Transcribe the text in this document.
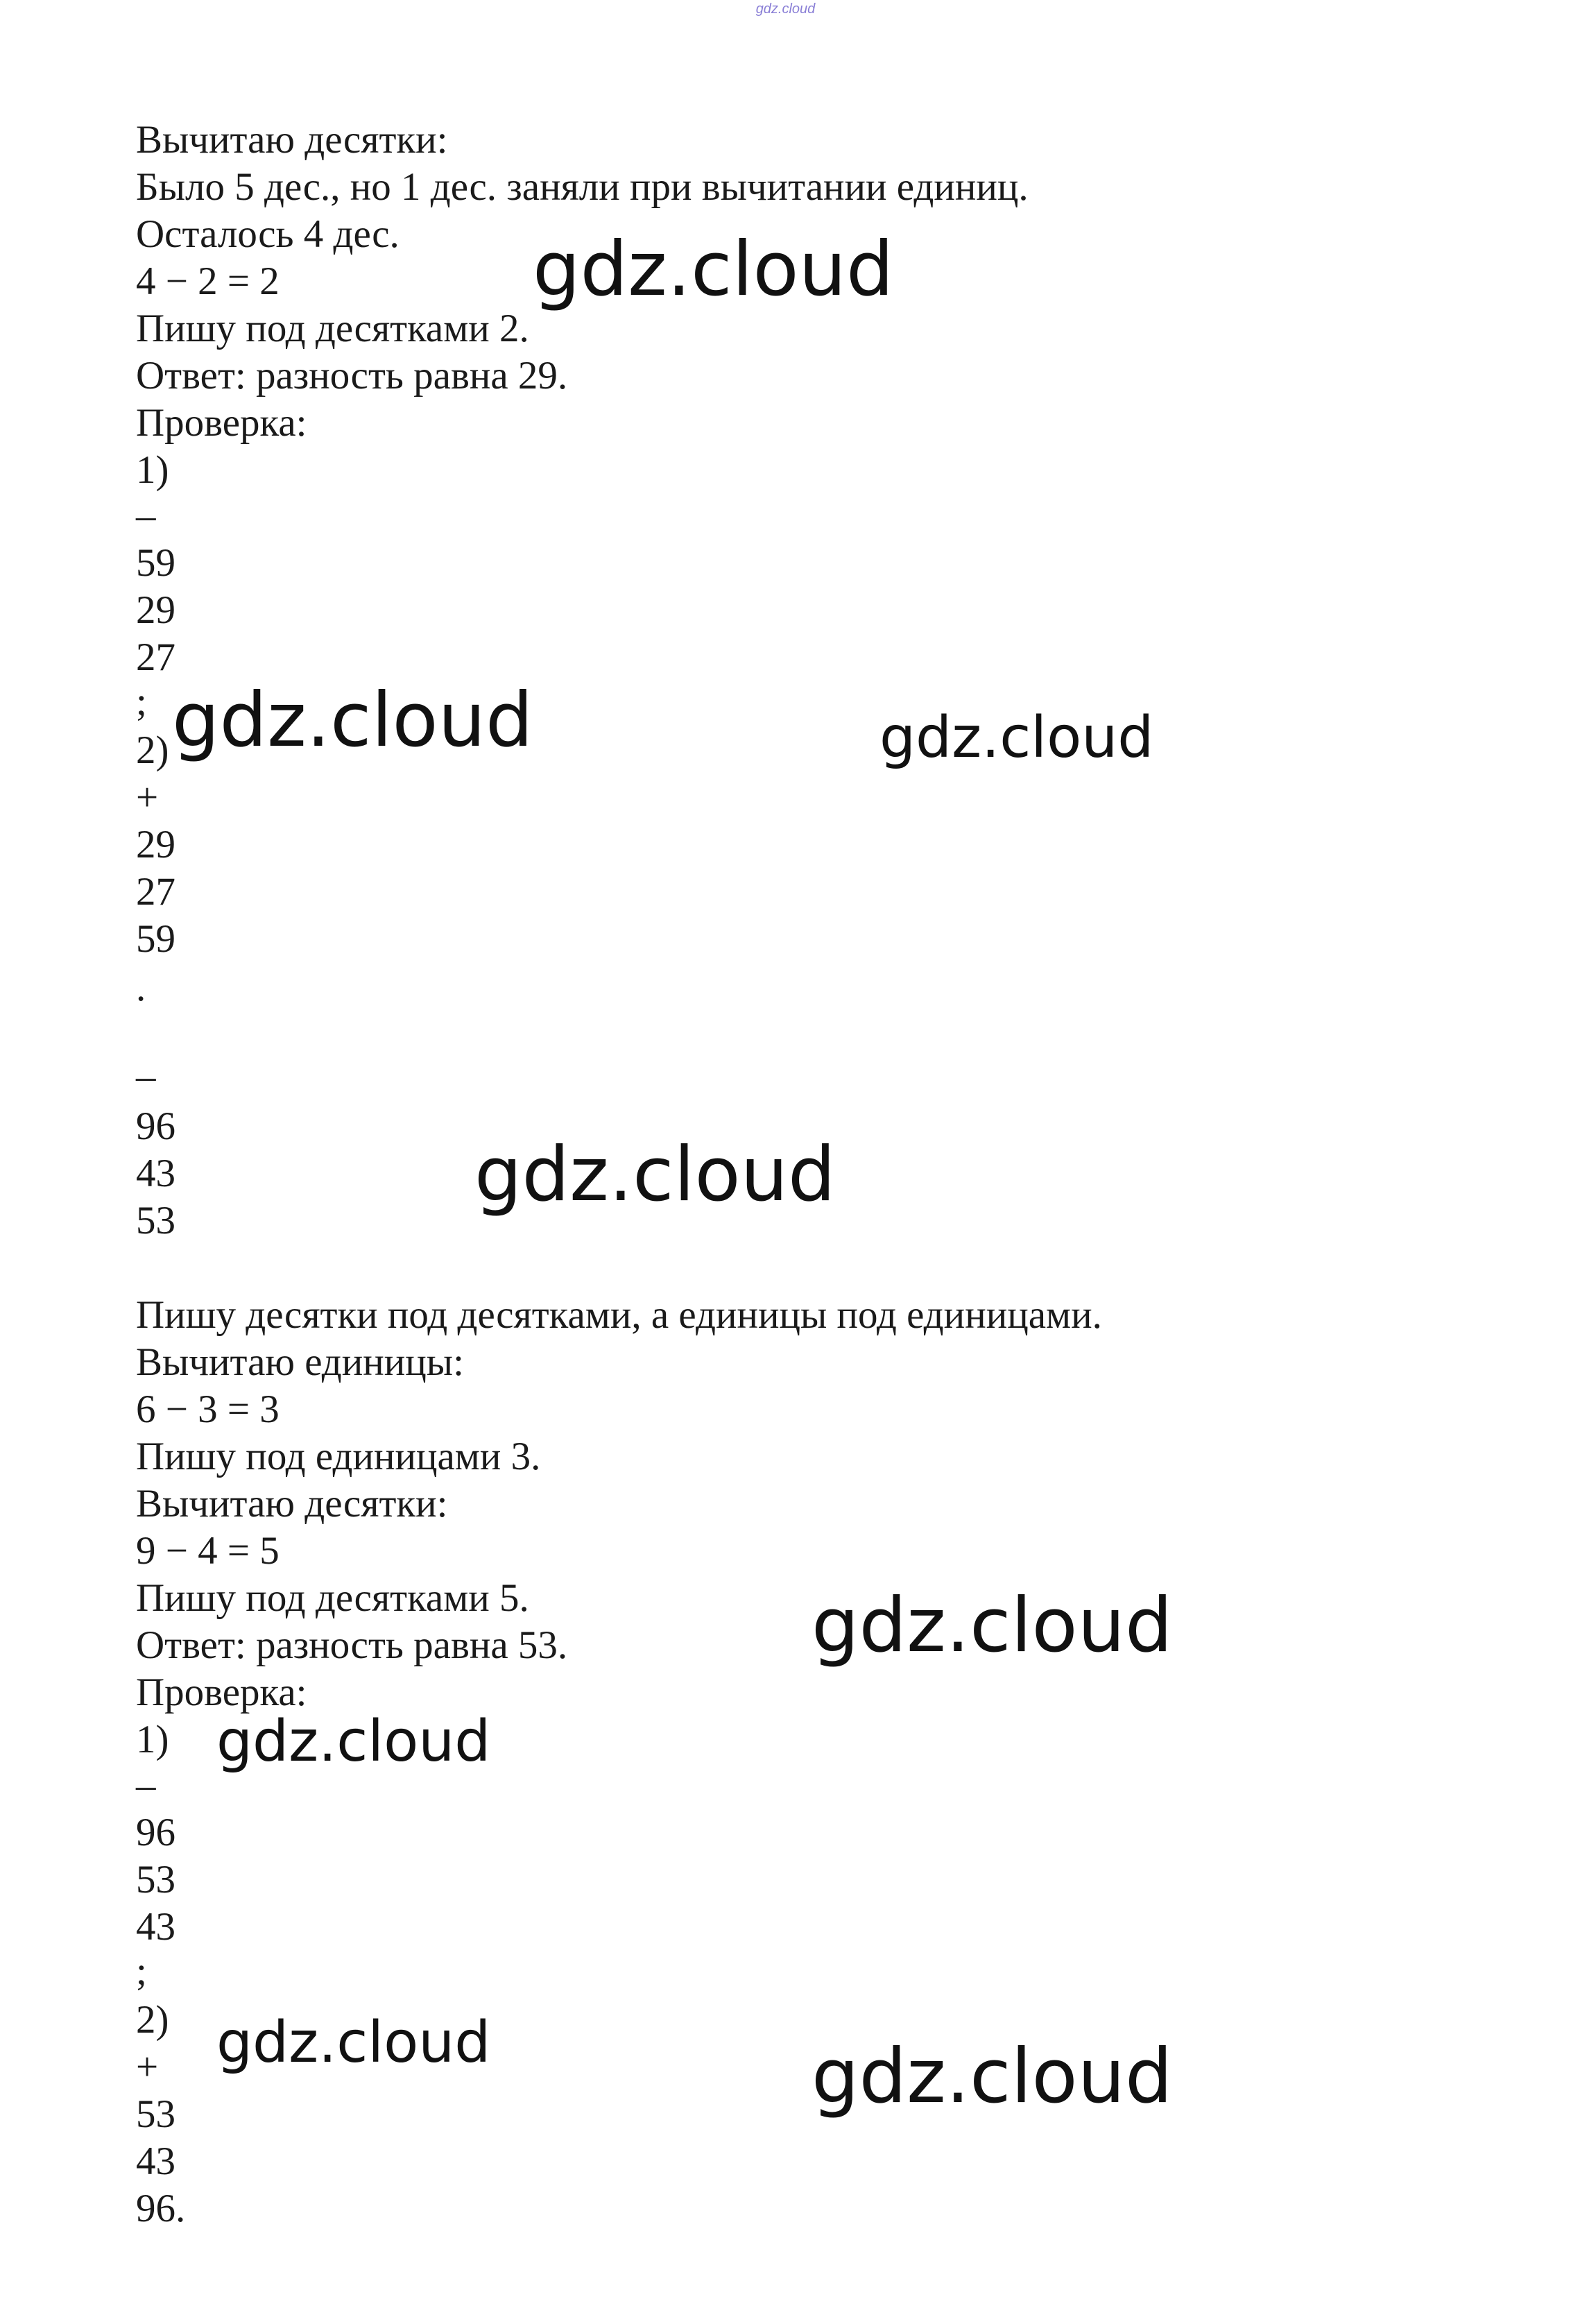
gdz.cloud
Вычитаю десятки:
Было 5 дес., но 1 дес. заняли при вычитании единиц.
Осталось 4 дес.
4 − 2 = 2
Пишу под десятками 2.
Ответ: разность равна 29.
Проверка:
1)
–
59
29
27
;
2)
+
29
27
59
.
–
96
43
53
Пишу десятки под десятками, а единицы под единицами.
Вычитаю единицы:
6 − 3 = 3
Пишу под единицами 3.
Вычитаю десятки:
9 − 4 = 5
Пишу под десятками 5.
Ответ: разность равна 53.
Проверка:
1)
–
96
53
43
;
2)
+
53
43
96.
gdz.cloud
gdz.cloud	gdz.cloud
gdz.cloud
gdz.cloud
gdz.cloud
gdz.cloud	gdz.cloud
